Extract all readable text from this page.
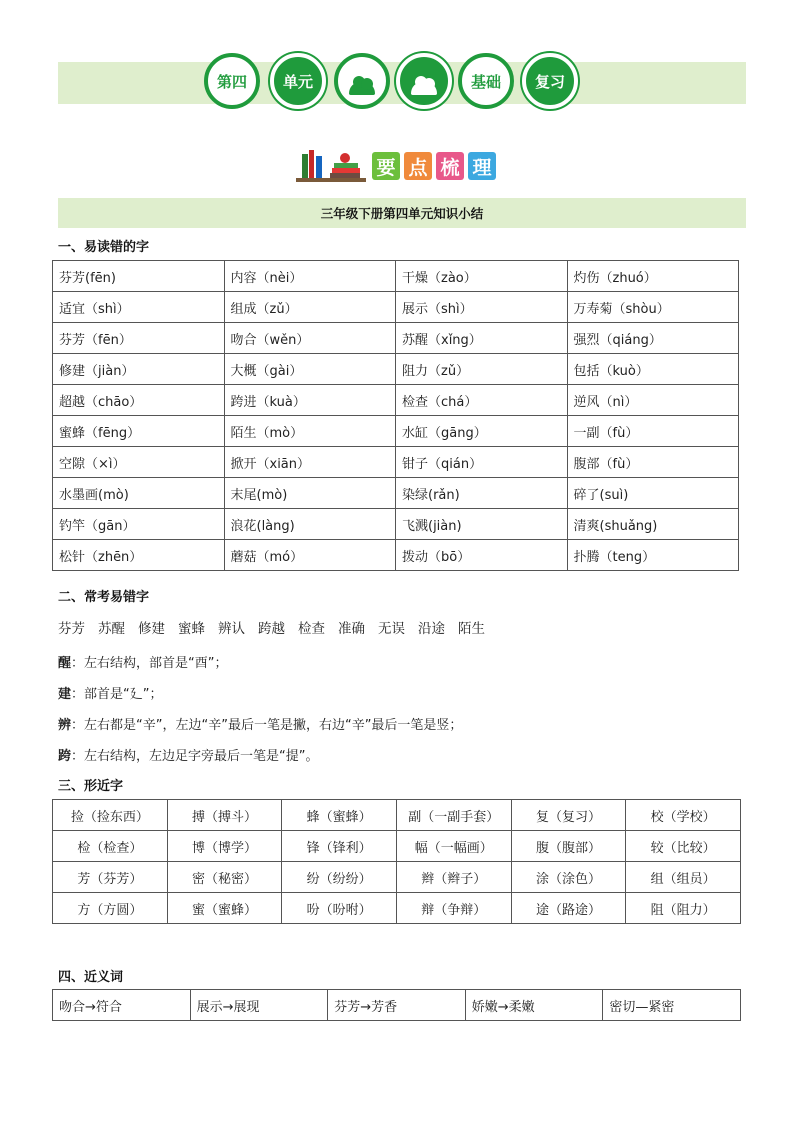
第四 单元	基础 复习
要 点 梳 理
三年级下册第四单元知识小结
一、易读错的字
芬芳(fēn)	内容（nèi）	干燥（zào）	灼伤（zhuó）
适宜（shì）	组成（zǔ）	展示（shì）	万寿菊（shòu）
芬芳（fēn）	吻合（wěn）	苏醒（xǐng）	强烈（qiáng）
修建（jiàn）	大概（gài）	阻力（zǔ）	包括（kuò）
超越（chāo）	跨进（kuà）	检查（chá）	逆风（nì）
蜜蜂（fēng）	陌生（mò）	水缸（gāng）	一副（fù）
空隙（×ì）	掀开（xiān）	钳子（qián）	腹部（fù）
水墨画(mò)	末尾(mò)	染绿(rǎn)	碎了(suì)
钓竿（gān）	浪花(làng)	飞溅(jiàn)	清爽(shuǎng)
松针（zhēn）	蘑菇（mó）	拨动（bō）	扑腾（teng）
二、常考易错字
芬芳 苏醒 修建 蜜蜂 辨认 跨越 检查 准确 无误 沿途 陌生
醒：左右结构，部首是“酉”；
建：部首是“廴”；
辨：左右都是“辛”，左边“辛”最后一笔是撇，右边“辛”最后一笔是竖；
跨：左右结构，左边足字旁最后一笔是“提”。
三、形近字
捡（捡东西）	搏（搏斗）	蜂（蜜蜂）	副（一副手套）	复（复习）	校（学校）
检（检查）	博（博学）	锋（锋利）	幅（一幅画）	腹（腹部）	较（比较）
芳（芬芳）	密（秘密）	纷（纷纷）	辫（辫子）	涂（涂色）	组（组员）
方（方圆）	蜜（蜜蜂）	吩（吩咐）	辩（争辩）	途（路途）	阻（阻力）
四、近义词
吻合→符合	展示→展现	芬芳→芳香	娇嫩→柔嫩	密切—紧密
